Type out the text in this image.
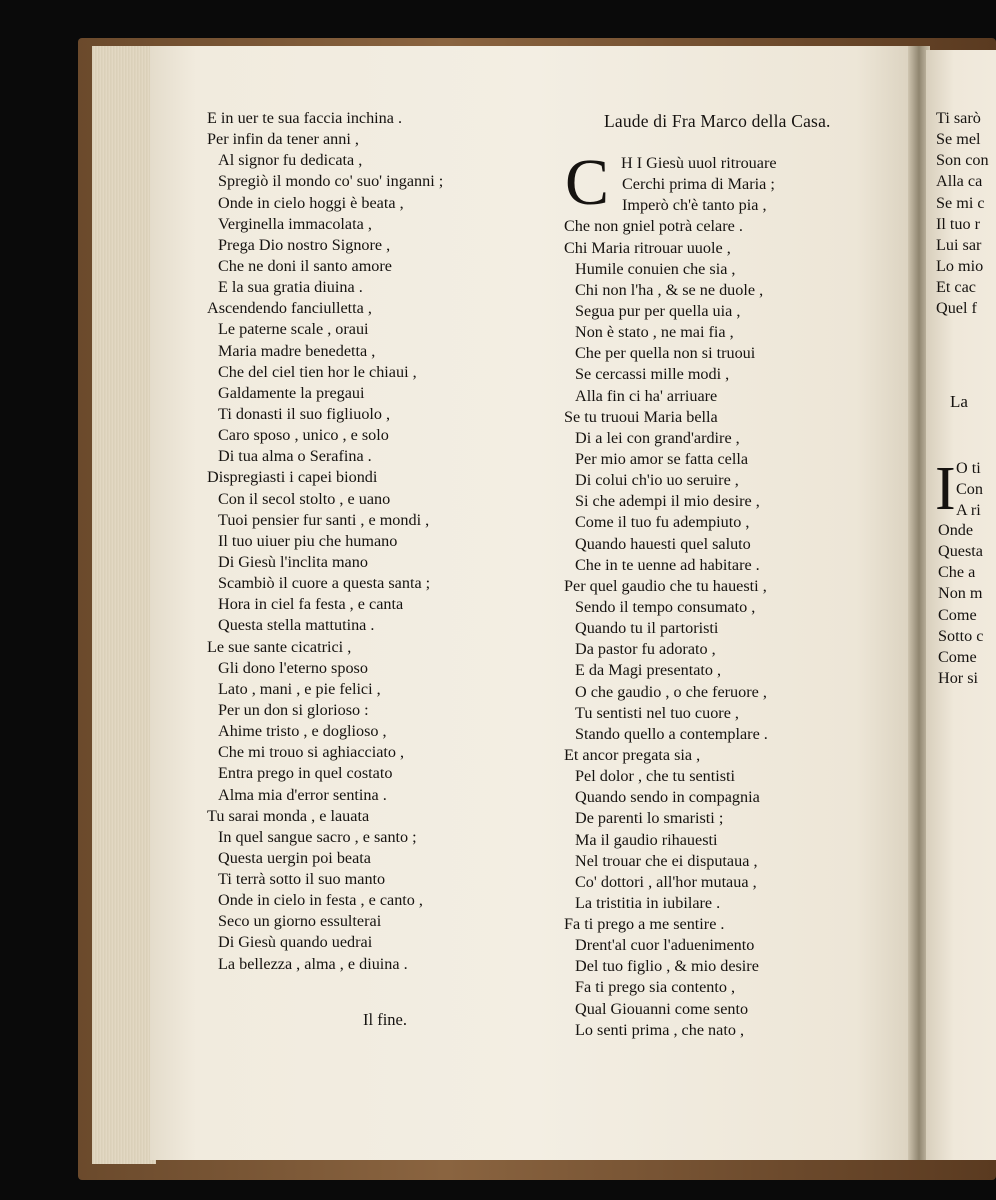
E in uer te sua faccia inchina .
Per infin da tener anni ,
Al signor fu dedicata ,
Spregiò il mondo co' suo' inganni ;
Onde in cielo hoggi è beata ,
Verginella immacolata ,
Prega Dio nostro Signore ,
Che ne doni il santo amore
E la sua gratia diuina .
Ascendendo fanciulletta ,
Le paterne scale , oraui
Maria madre benedetta ,
Che del ciel tien hor le chiaui ,
Galdamente la pregaui
Ti donasti il suo figliuolo ,
Caro sposo , unico , e solo
Di tua alma o Serafina .
Dispregiasti i capei biondi
Con il secol stolto , e uano
Tuoi pensier fur santi , e mondi ,
Il tuo uiuer piu che humano
Di Giesù l'inclita mano
Scambiò il cuore a questa santa ;
Hora in ciel fa festa , e canta
Questa stella mattutina .
Le sue sante cicatrici ,
Gli dono l'eterno sposo
Lato , mani , e pie felici ,
Per un don si glorioso :
Ahime tristo , e doglioso ,
Che mi trouo si aghiacciato ,
Entra prego in quel costato
Alma mia d'error sentina .
Tu sarai monda , e lauata
In quel sangue sacro , e santo ;
Questa uergin poi beata
Ti terrà sotto il suo manto
Onde in cielo in festa , e canto ,
Seco un giorno essulterai
Di Giesù quando uedrai
La bellezza , alma , e diuina .
Il fine.
Laude di Fra Marco della Casa.
C H I Giesù uuol ritrouare
Cerchi prima di Maria ;
Imperò ch'è tanto pia ,
Che non gniel potrà celare .
Chi Maria ritrouar uuole ,
Humile conuien che sia ,
Chi non l'ha , & se ne duole ,
Segua pur per quella uia ,
Non è stato , ne mai fia ,
Che per quella non si truoui
Se cercassi mille modi ,
Alla fin ci ha' arriuare
Se tu truoui Maria bella
Di a lei con grand'ardire ,
Per mio amor se fatta cella
Di colui ch'io uo seruire ,
Si che adempi il mio desire ,
Come il tuo fu adempiuto ,
Quando hauesti quel saluto
Che in te uenne ad habitare .
Per quel gaudio che tu hauesti ,
Sendo il tempo consumato ,
Quando tu il partoristi
Da pastor fu adorato ,
E da Magi presentato ,
O che gaudio , o che feruore ,
Tu sentisti nel tuo cuore ,
Stando quello a contemplare .
Et ancor pregata sia ,
Pel dolor , che tu sentisti
Quando sendo in compagnia
De parenti lo smaristi ;
Ma il gaudio rihauesti
Nel trouar che ei disputaua ,
Co' dottori , all'hor mutaua ,
La tristitia in iubilare .
Fa ti prego a me sentire .
Drent'al cuor l'aduenimento
Del tuo figlio , & mio desire
Fa ti prego sia contento ,
Qual Giouanni come sento
Lo senti prima , che nato ,
Ti sarò
Se mel
Son con
Alla ca
Se mi c
Il tuo r
Lui sar
Lo mio
Et cac
Quel f
La
I O ti
Con
A ri
Onde
Questa
Che a
Non m
Come
Sotto c
Come
Hor si
